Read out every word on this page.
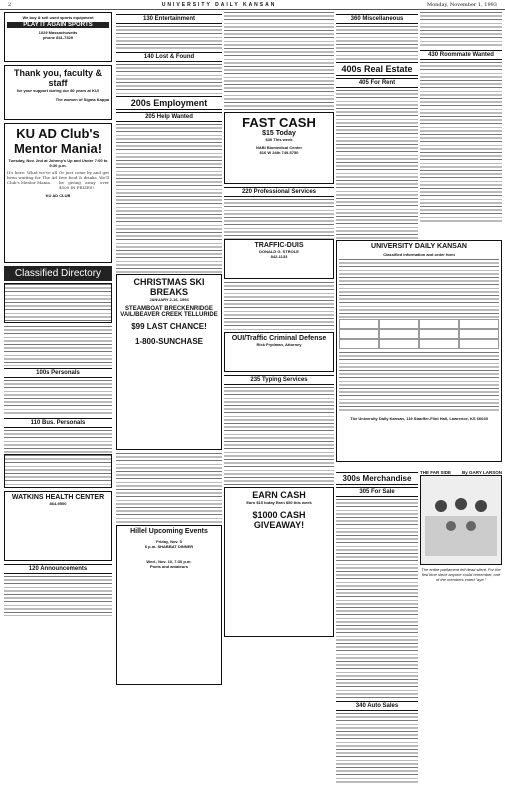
2	UNIVERSITY DAILY KANSAN	Monday, November 1, 1993
We buy & sell used sports equipment
PLAY IT AGAIN SPORTS
1029 Massachusetts
phone 841-7329
Thank you, faculty & staff
for your support during our 80 years at KU!
The women of Sigma Kappa
KU AD Club's Mentor Mania!
Tuesday, Nov. 2nd at Johnny's Up and Under 7:00 to 9:30 p.m.
It's here: What we've all been waiting for The Ad Club's Mentor Mania.
Or just come by and get free food & drinks. We'll be giving away over $500 IN PRIZES!
KU AD CLUB
Classified Directory
100s Personals
110 Bus. Personals
WATKINS HEALTH CENTER
864-9500
120 Announcements
130 Entertainment
140 Lost & Found
200s Employment
205 Help Wanted
CHRISTMAS SKI BREAKS
JANUARY 2-16, 1994
STEAMBOAT BRECKENRIDGE VAIL/BEAVER CREEK TELLURIDE
$99 LAST CHANCE!
1-800-SUNCHASE
Hillel Upcoming Events
Friday, Nov. 5
6 p.m. SHABBAT DINNER
Wed., Nov. 10, 7:30 p.m.
Poets and amateurs
FAST CASH
$15 Today
$30 This week
NABI Biomedical Center
816 W 24th 749-5750
220 Professional Services
TRAFFIC-DUIS
DONALD G. STROLE
842-1133
OUI/Traffic Criminal Defense
Rick Frydman, Attorney
235 Typing Services
EARN CASH
Earn $15 today Earn $50 this week
$1000 CASH GIVEAWAY!
360 Miscellaneous
400s Real Estate
405 For Rent
430 Roommate Wanted
UNIVERSITY DAILY KANSAN
Classified information and order form
The University Daily Kansan, 119 Stauffer-Flint Hall, Lawrence, KS 66045
300s Merchandise
305 For Sale
340 Auto Sales
THE FAR SIDE By GARY LARSON
The entire parliament fell dead silent. For the first time since anyone could remember, one of the members voted "aye."
